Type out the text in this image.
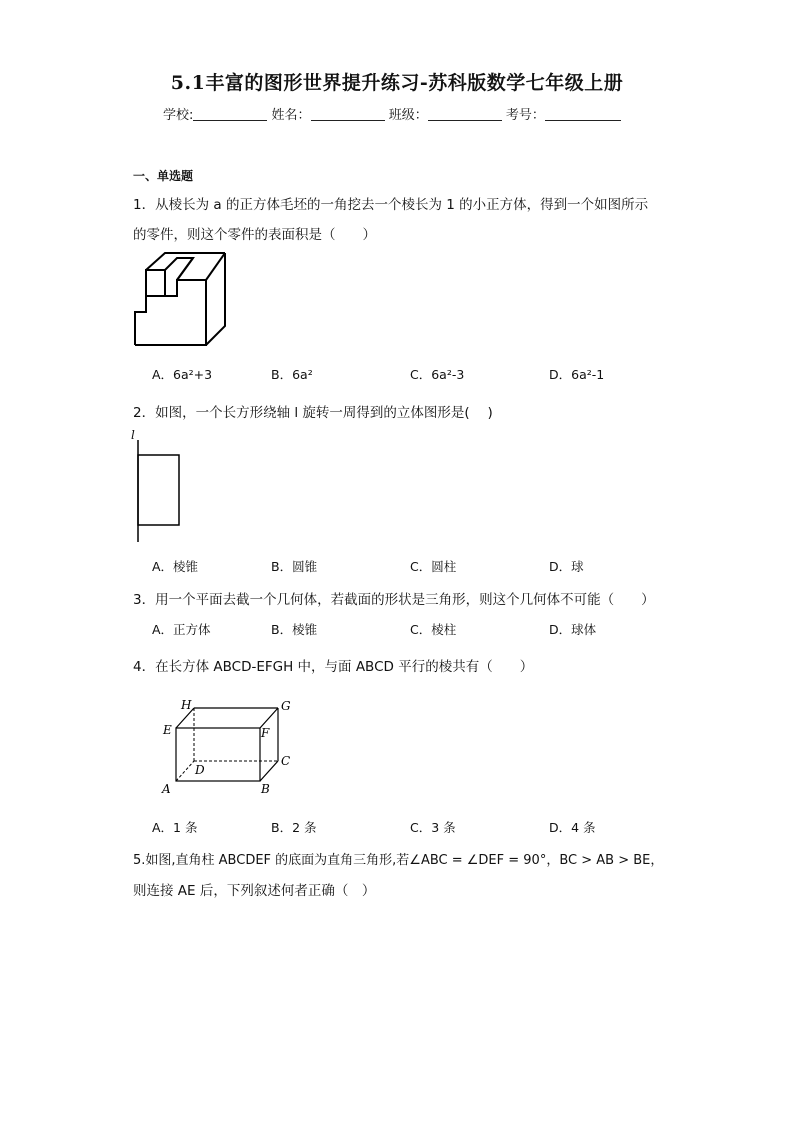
5.1丰富的图形世界提升练习-苏科版数学七年级上册
学校:	姓名：	班级：	考号：
一、单选题
1．从棱长为 a 的正方体毛坯的一角挖去一个棱长为 1 的小正方体，得到一个如图所示
的零件，则这个零件的表面积是（　　）
A．6a²+3	B．6a²	C．6a²-3	D．6a²-1
2．如图，一个长方形绕轴 l 旋转一周得到的立体图形是(　 )
l
A．棱锥	B．圆锥	C．圆柱	D．球
3．用一个平面去截一个几何体，若截面的形状是三角形，则这个几何体不可能（　　）
A．正方体	B．棱锥	C．棱柱	D．球体
4．在长方体 ABCD-EFGH 中，与面 ABCD 平行的棱共有（　　）
A	B
C
D
E	F
G
H
A．1 条	B．2 条	C．3 条	D．4 条
5.如图,直角柱 ABCDEF 的底面为直角三角形,若∠ABC = ∠DEF = 90°，BC > AB > BE，
则连接 AE 后，下列叙述何者正确（　）
